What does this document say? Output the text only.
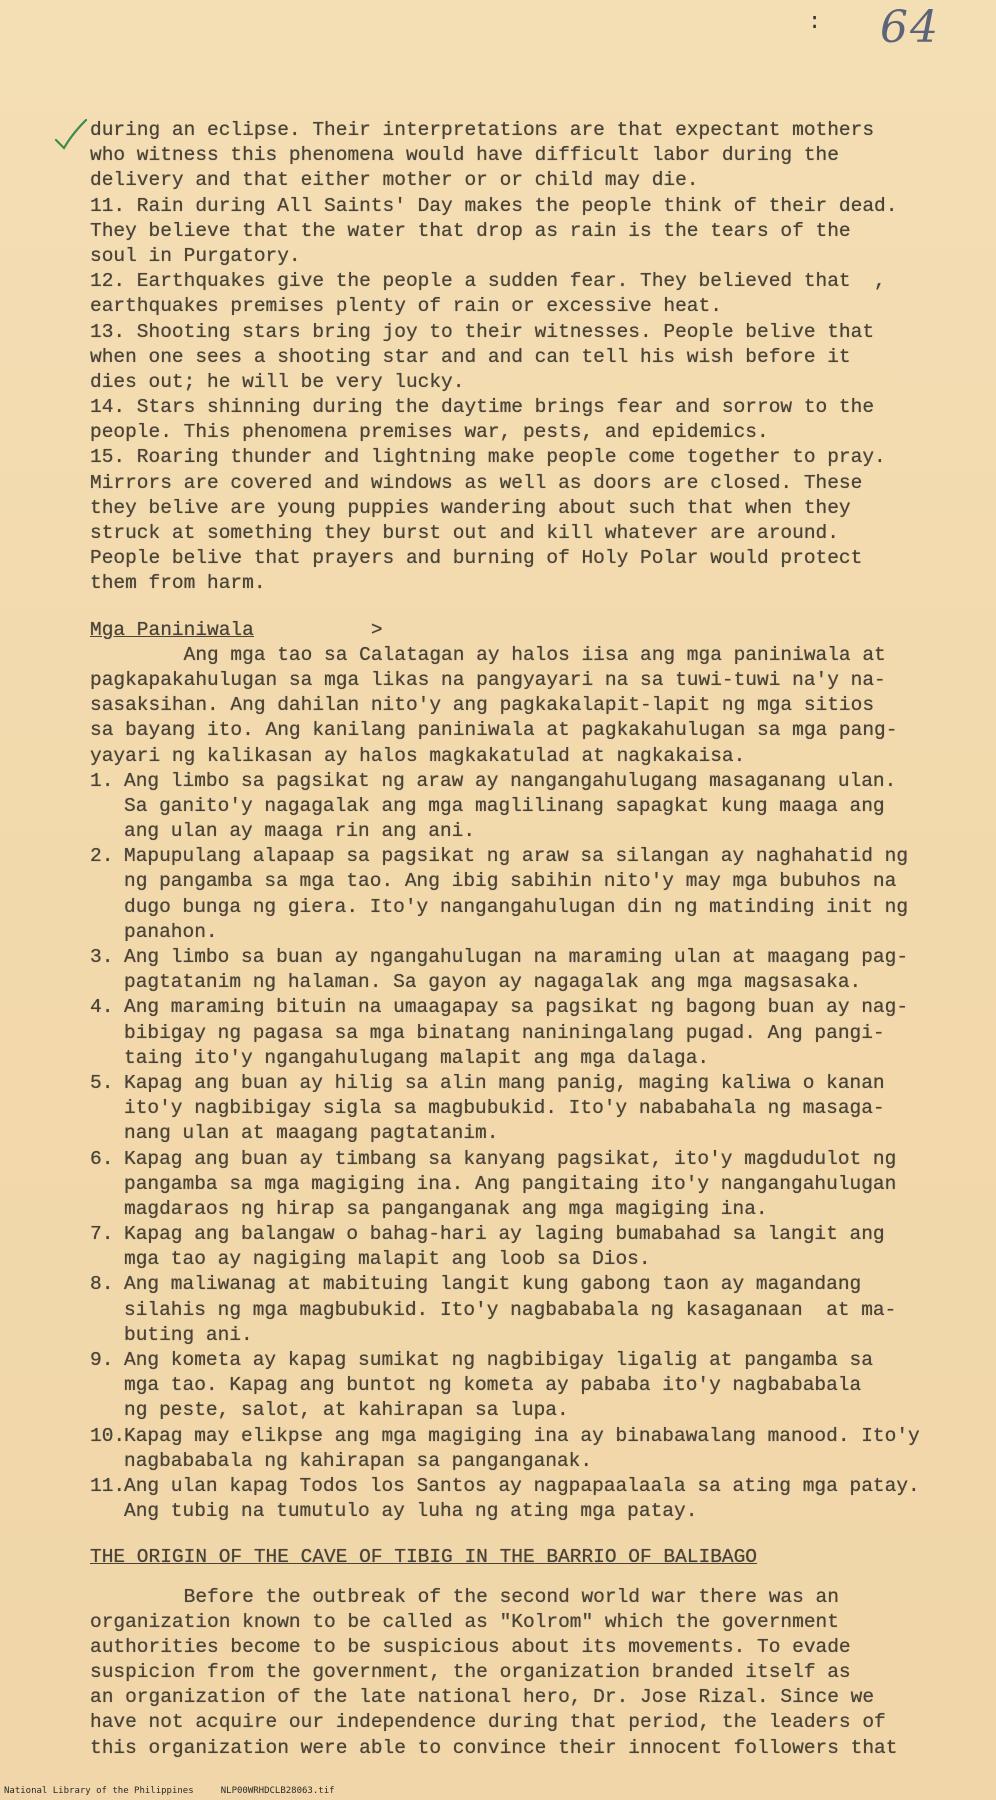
: 64
during an eclipse. Their interpretations are that expectant mothers
who witness this phenomena would have difficult labor during the
delivery and that either mother or or child may die.
11. Rain during All Saints' Day makes the people think of their dead.
They believe that the water that drop as rain is the tears of the
soul in Purgatory.
12. Earthquakes give the people a sudden fear. They believed that  ,
earthquakes premises plenty of rain or excessive heat.
13. Shooting stars bring joy to their witnesses. People belive that
when one sees a shooting star and and can tell his wish before it
dies out; he will be very lucky.
14. Stars shinning during the daytime brings fear and sorrow to the
people. This phenomena premises war, pests, and epidemics.
15. Roaring thunder and lightning make people come together to pray.
Mirrors are covered and windows as well as doors are closed. These
they belive are young puppies wandering about such that when they
struck at something they burst out and kill whatever are around.
People belive that prayers and burning of Holy Polar would protect
them from harm.
Mga Paniniwala	>
Ang mga tao sa Calatagan ay halos iisa ang mga paniniwala at
pagkapakahulugan sa mga likas na pangyayari na sa tuwi-tuwi na'y na-
sasaksihan. Ang dahilan nito'y ang pagkakalapit-lapit ng mga sitios
sa bayang ito. Ang kanilang paniniwala at pagkakahulugan sa mga pang-
yayari ng kalikasan ay halos magkakatulad at nagkakaisa.
1. Ang limbo sa pagsikat ng araw ay nangangahulugang masaganang ulan.
Sa ganito'y nagagalak ang mga maglilinang sapagkat kung maaga ang
ang ulan ay maaga rin ang ani.
2. Mapupulang alapaap sa pagsikat ng araw sa silangan ay naghahatid ng
ng pangamba sa mga tao. Ang ibig sabihin nito'y may mga bubuhos na
dugo bunga ng giera. Ito'y nangangahulugan din ng matinding init ng
panahon.
3. Ang limbo sa buan ay ngangahulugan na maraming ulan at maagang pag-
pagtatanim ng halaman. Sa gayon ay nagagalak ang mga magsasaka.
4. Ang maraming bituin na umaagapay sa pagsikat ng bagong buan ay nag-
bibigay ng pagasa sa mga binatang naniningalang pugad. Ang pangi-
taing ito'y ngangahulugang malapit ang mga dalaga.
5. Kapag ang buan ay hilig sa alin mang panig, maging kaliwa o kanan
ito'y nagbibigay sigla sa magbubukid. Ito'y nababahala ng masaga-
nang ulan at maagang pagtatanim.
6. Kapag ang buan ay timbang sa kanyang pagsikat, ito'y magdudulot ng
pangamba sa mga magiging ina. Ang pangitaing ito'y nangangahulugan
magdaraos ng hirap sa panganganak ang mga magiging ina.
7. Kapag ang balangaw o bahag-hari ay laging bumabahad sa langit ang
mga tao ay nagiging malapit ang loob sa Dios.
8. Ang maliwanag at mabituing langit kung gabong taon ay magandang
silahis ng mga magbubukid. Ito'y nagbababala ng kasaganaan  at ma-
buting ani.
9. Ang kometa ay kapag sumikat ng nagbibigay ligalig at pangamba sa
mga tao. Kapag ang buntot ng kometa ay pababa ito'y nagbababala
ng peste, salot, at kahirapan sa lupa.
10.
Kapag may elikpse ang mga magiging ina ay binabawalang manood. Ito'y
nagbababala ng kahirapan sa panganganak.
11.
Ang ulan kapag Todos los Santos ay nagpapaalaala sa ating mga patay.
Ang tubig na tumutulo ay luha ng ating mga patay.
THE ORIGIN OF THE CAVE OF TIBIG IN THE BARRIO OF BALIBAGO
Before the outbreak of the second world war there was an
organization known to be called as "Kolrom" which the government
authorities become to be suspicious about its movements. To evade
suspicion from the government, the organization branded itself as
an organization of the late national hero, Dr. Jose Rizal. Since we
have not acquire our independence during that period, the leaders of
this organization were able to convince their innocent followers that
National Library of the Philippines     NLP00WRHDCLB28063.tif
